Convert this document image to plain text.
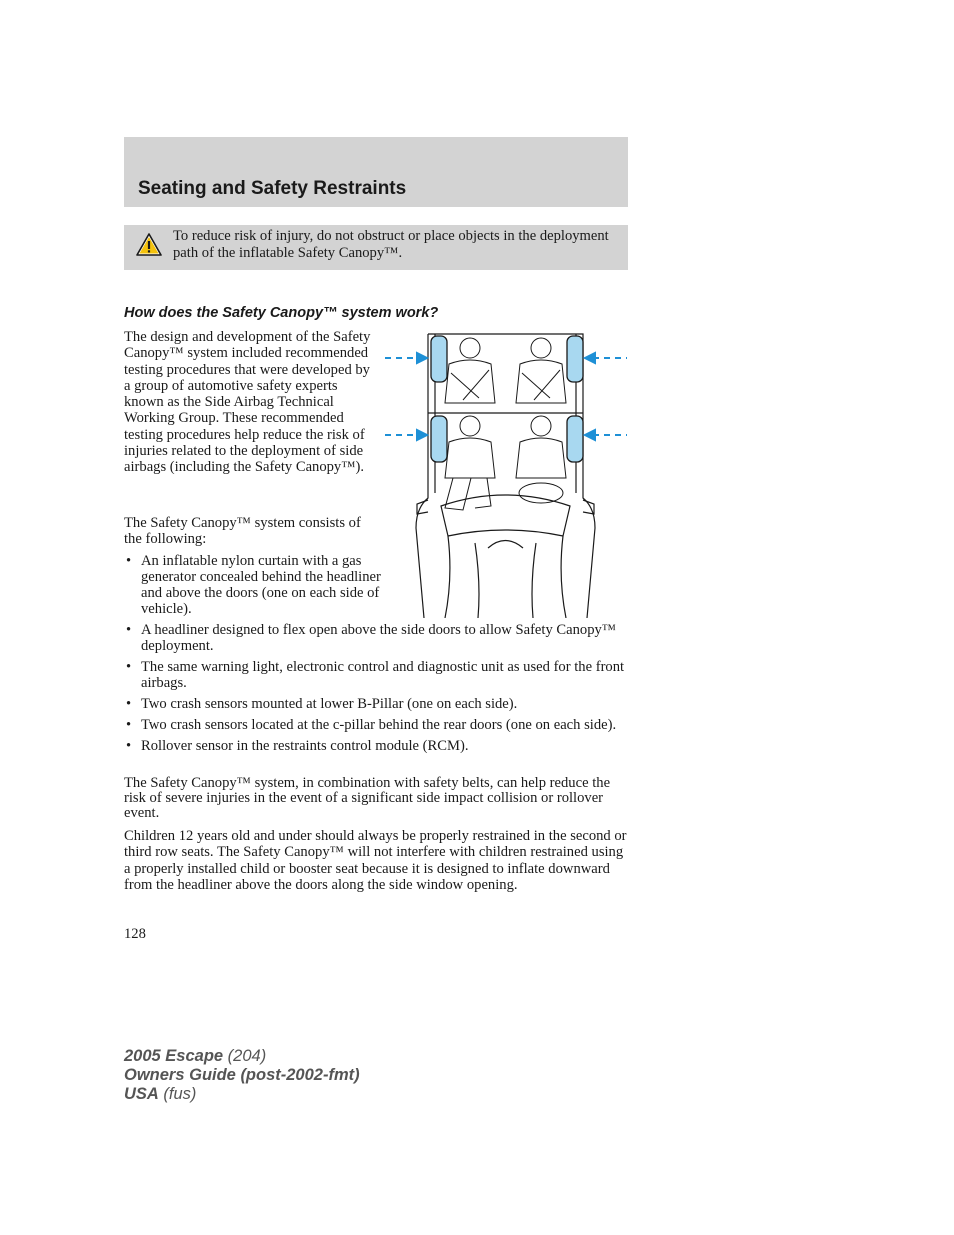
Seating and Safety Restraints

To reduce risk of injury, do not obstruct or place objects in the deployment path of the inflatable Safety Canopy™.

How does the Safety Canopy™ system work?

The design and development of the Safety Canopy™ system included recommended testing procedures that were developed by a group of automotive safety experts known as the Side Airbag Technical Working Group. These recommended testing procedures help reduce the risk of injuries related to the deployment of side airbags (including the Safety Canopy™).

The Safety Canopy™ system consists of the following:

• An inflatable nylon curtain with a gas generator concealed behind the headliner and above the doors (one on each side of vehicle).
• A headliner designed to flex open above the side doors to allow Safety Canopy™ deployment.
• The same warning light, electronic control and diagnostic unit as used for the front airbags.
• Two crash sensors mounted at lower B-Pillar (one on each side).
• Two crash sensors located at the c-pillar behind the rear doors (one on each side).
• Rollover sensor in the restraints control module (RCM).

The Safety Canopy™ system, in combination with safety belts, can help reduce the risk of severe injuries in the event of a significant side impact collision or rollover event.

Children 12 years old and under should always be properly restrained in the second or third row seats. The Safety Canopy™ will not interfere with children restrained using a properly installed child or booster seat because it is designed to inflate downward from the headliner above the doors along the side window opening.

128

2005 Escape (204)
Owners Guide (post-2002-fmt)
USA (fus)
